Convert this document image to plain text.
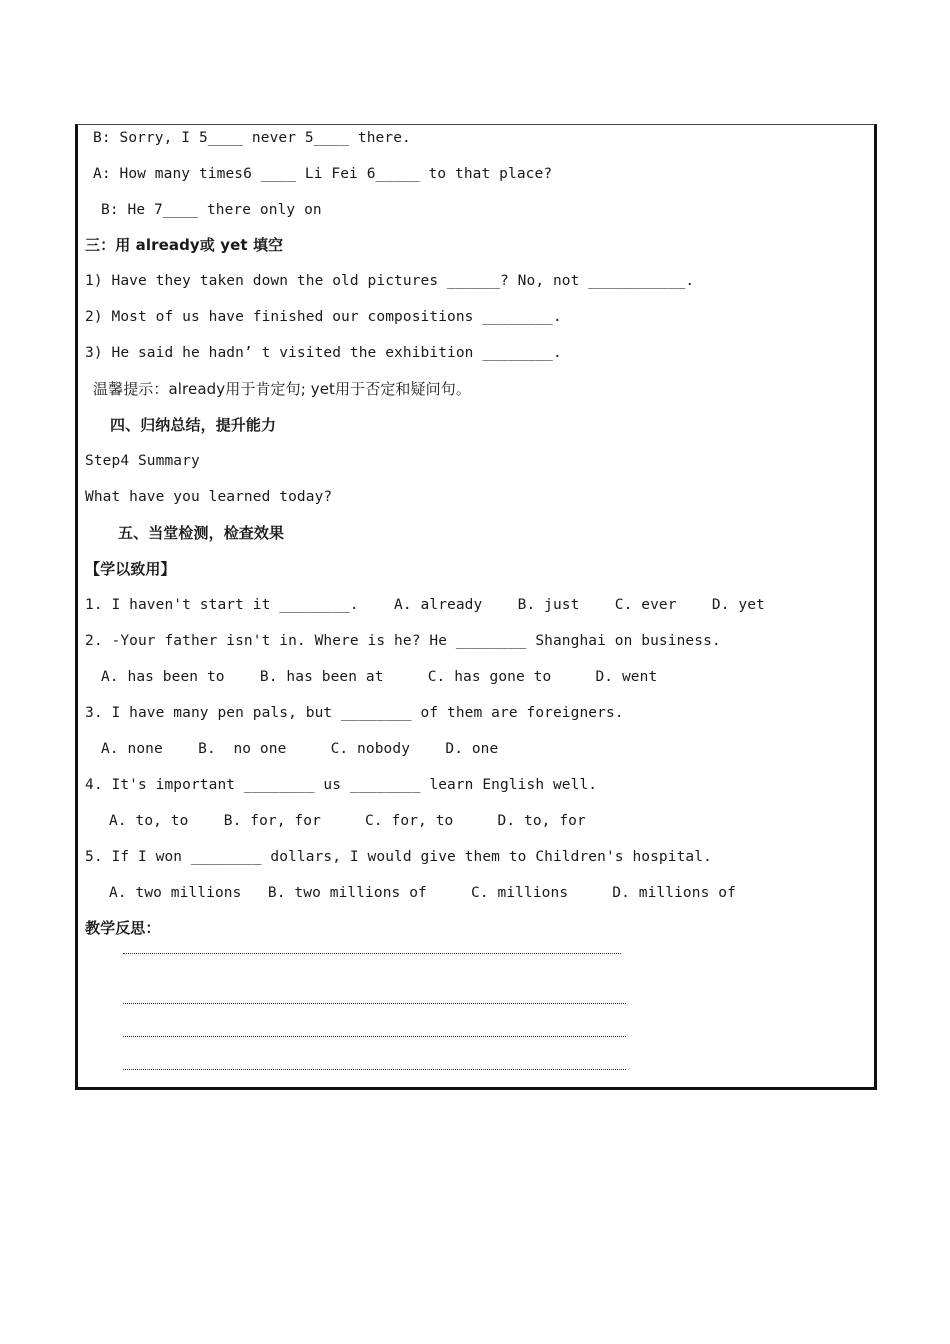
B: Sorry, I 5____ never 5____ there.
A: How many times6 ____ Li Fei 6_____ to that place?
B: He 7____ there only on
三：用 already或 yet 填空
1) Have they taken down the old pictures ______? No, not ___________.
2) Most of us have finished our compositions ________.
3) He said he hadn’ t visited the exhibition ________.
温馨提示：already用于肯定句; yet用于否定和疑问句。
四、归纳总结，提升能力
Step4 Summary
What have you learned today?
五、当堂检测，检查效果
【学以致用】
1. I haven't start it ________.    A. already    B. just    C. ever    D. yet
2. -Your father isn't in. Where is he? He ________ Shanghai on business.
A. has been to    B. has been at     C. has gone to     D. went
3. I have many pen pals, but ________ of them are foreigners.
A. none    B.  no one     C. nobody    D. one
4. It's important ________ us ________ learn English well.
A. to, to    B. for, for     C. for, to     D. to, for
5. If I won ________ dollars, I would give them to Children's hospital.
A. two millions   B. two millions of     C. millions     D. millions of
教学反思：
